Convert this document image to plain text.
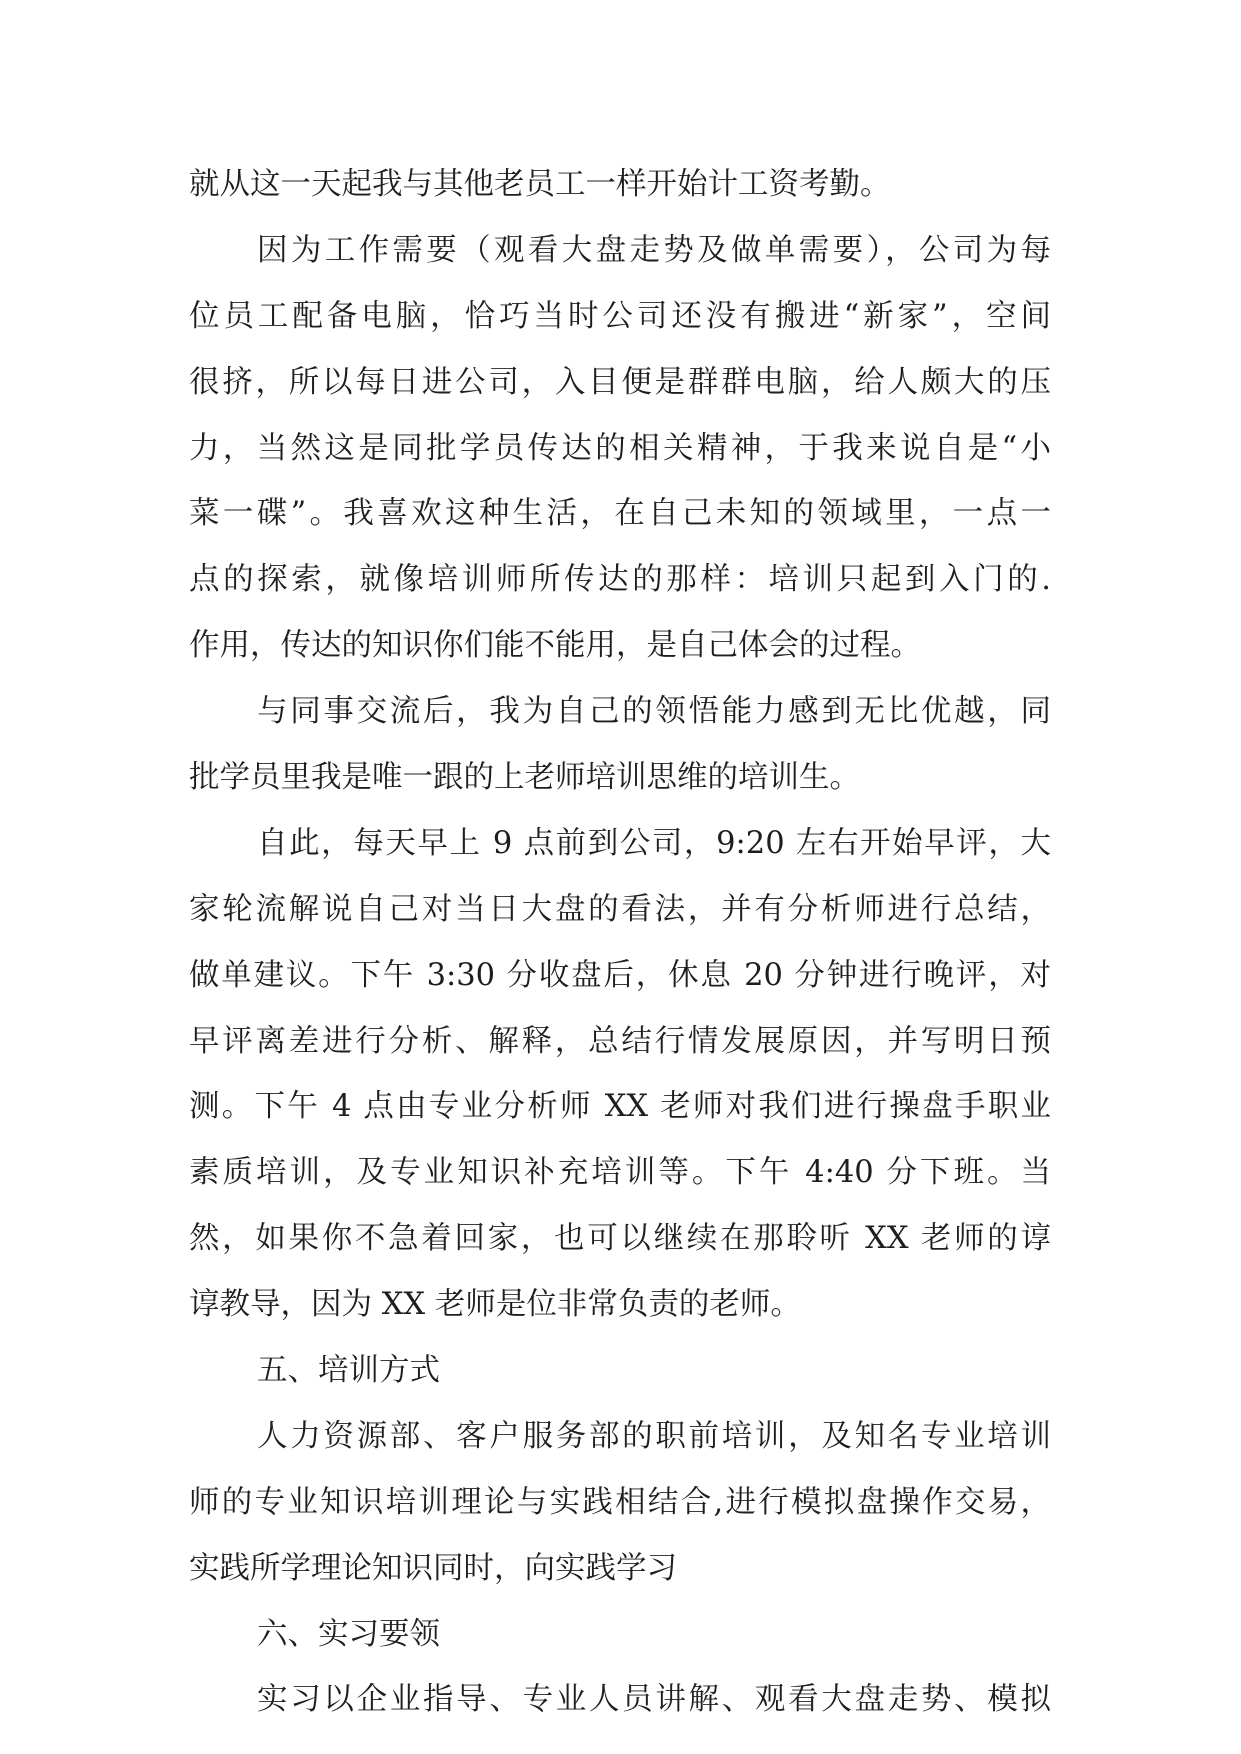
就从这一天起我与其他老员工一样开始计工资考勤。
因为工作需要（观看大盘走势及做单需要），公司为每
位员工配备电脑，恰巧当时公司还没有搬进“新家”，空间
很挤，所以每日进公司，入目便是群群电脑，给人颇大的压
力，当然这是同批学员传达的相关精神，于我来说自是“小
菜一碟”。我喜欢这种生活，在自己未知的领域里，一点一
点的探索，就像培训师所传达的那样：培训只起到入门的.
作用，传达的知识你们能不能用，是自己体会的过程。
与同事交流后，我为自己的领悟能力感到无比优越，同
批学员里我是唯一跟的上老师培训思维的培训生。
自此，每天早上 9 点前到公司，9:20 左右开始早评，大
家轮流解说自己对当日大盘的看法，并有分析师进行总结，
做单建议。下午 3:30 分收盘后，休息 20 分钟进行晚评，对
早评离差进行分析、解释，总结行情发展原因，并写明日预
测。下午 4 点由专业分析师 XX 老师对我们进行操盘手职业
素质培训，及专业知识补充培训等。下午 4:40 分下班。当
然，如果你不急着回家，也可以继续在那聆听 XX 老师的谆
谆教导，因为 XX 老师是位非常负责的老师。
五、培训方式
人力资源部、客户服务部的职前培训，及知名专业培训
师的专业知识培训理论与实践相结合,进行模拟盘操作交易，
实践所学理论知识同时，向实践学习
六、实习要领
实习以企业指导、专业人员讲解、观看大盘走势、模拟
